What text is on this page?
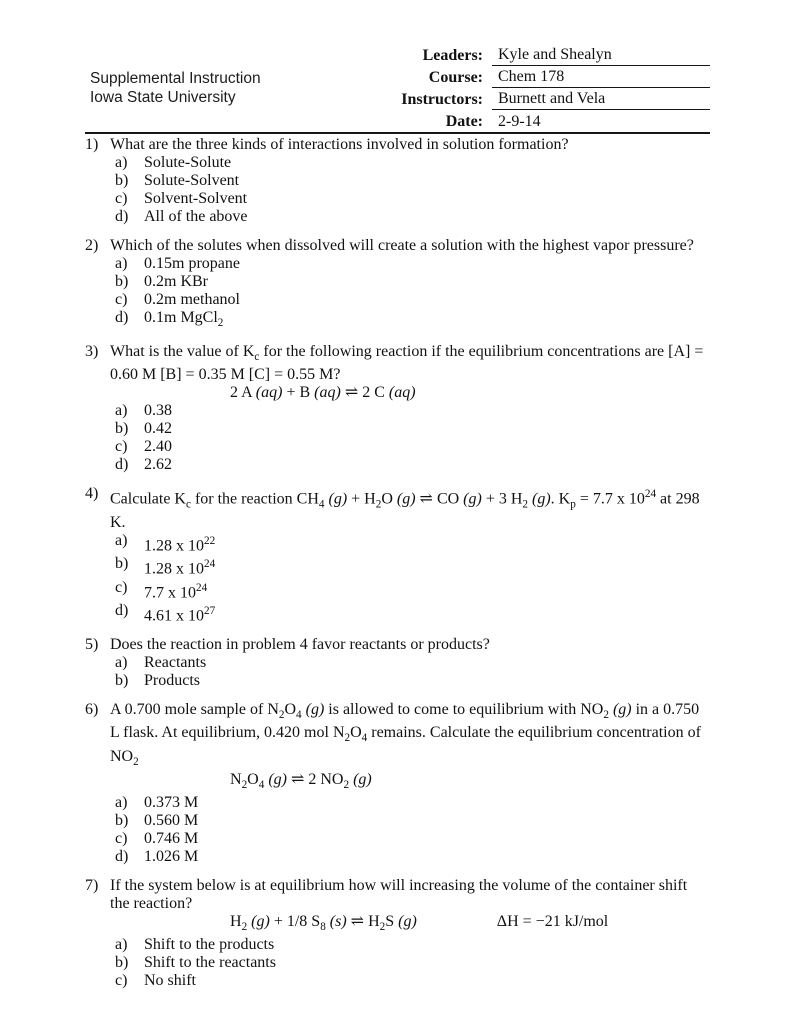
Supplemental Instruction
Iowa State University
Leaders: Kyle and Shealyn
Course: Chem 178
Instructors: Burnett and Vela
Date: 2-9-14
1) What are the three kinds of interactions involved in solution formation?
a)	Solute-Solute
b) Solute-Solvent
c)	Solvent-Solvent
d) All of the above
2) Which of the solutes when dissolved will create a solution with the highest vapor pressure?
a)	0.15m propane
b) 0.2m KBr
c)	0.2m methanol
d) 0.1m MgCl$_2$
3) What is the value of $K_c$ for the following reaction if the equilibrium concentrations are [A] = 0.60 M [B] = 0.35 M [C] = 0.55 M?
2 A (aq) + B (aq) ⇌ 2 C (aq)
a)	0.38
b) 0.42
c)	2.40
d) 2.62
4) Calculate $K_c$ for the reaction $CH_4$ $(g) + H_2O$ (g) ⇌ CO (g) + 3 $H_2$ (g). $K_p = 7.7$ x $10^{24}$ at 298 K.
a)	1.28 x $10^{22}$
b) 1.28 x $10^{24}$
c)	7.7 x $10^{24}$
d) 4.61 x $10^{27}$
5) Does the reaction in problem 4 favor reactants or products?
a)	Reactants
b) Products
6) A 0.700 mole sample of $N_2O_4$ (g) is allowed to come to equilibrium with $NO_2$ (g) in a 0.750 L flask. At equilibrium, 0.420 mol $N_2O_4$ remains. Calculate the equilibrium concentration of $NO_2$
$N_2O_4$ (g) ⇌ 2 $NO_2$ (g)
a)	0.373 M
b) 0.560 M
c)	0.746 M
d) 1.026 M
7) If the system below is at equilibrium how will increasing the volume of the container shift the reaction?
$H_2$ (g) + 1/8 $S_8$ (s) ⇌ $H_2S$ (g)	ΔH = −21 kJ/mol
a)	Shift to the products
b) Shift to the reactants
c)	No shift
